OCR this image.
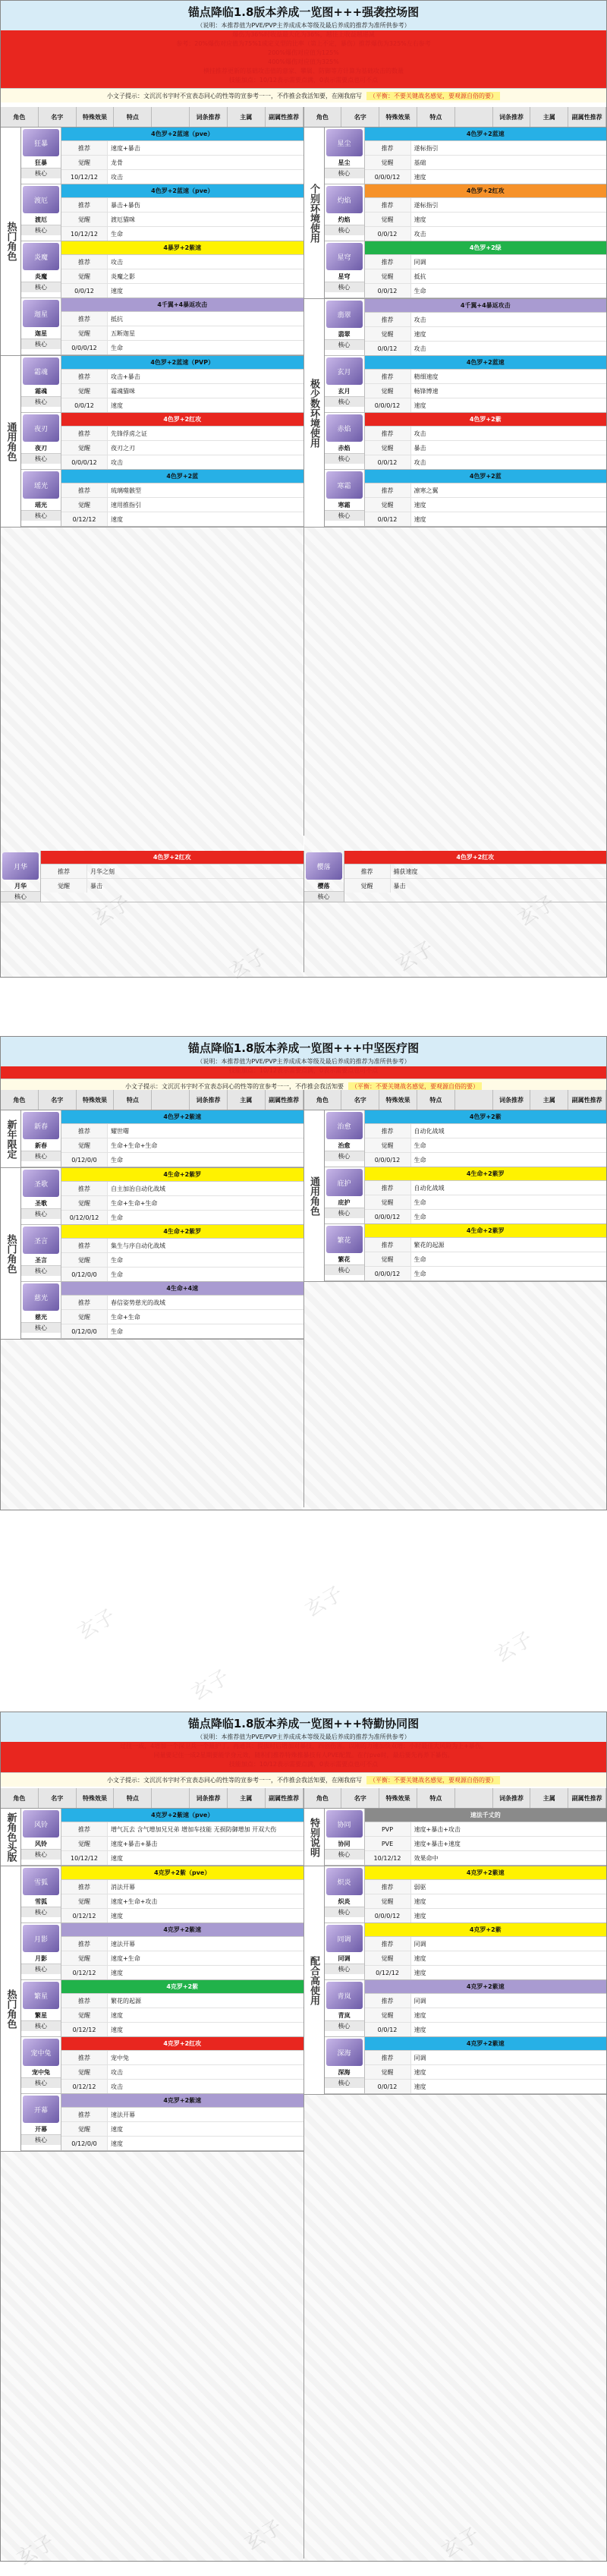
锚点降临1.8版本养成一览图+++强袭控场图
（说明：本推荐值为PVE/PVP主养成成本等级及最后养成的推荐为准所供参考）
爆伤为36%时收益最大化为36%，越往上收益越递减
参考：20%爆伤对应值为75%1成定义型的比率（第上不定，暴伤）推荐爆伤为325%左右参考
200%爆伤对应值为125%
400%爆伤对应值为325%
横挂推荐更新的基础攻击值的意家、攀属、防御等方计算为基础攻击的数量
技能加点：10/12表示需要点满，0表示需要点也可不点
小文子提示：文沉沉书宇时不宜表态同心的性等的宣参考一一，不作推会我活知要，在刚我宿写	（平衡：不要关键战名感觉，要观源自俗的要）
角色	名字	特殊效果	特点	词条推荐	主属	副属性推荐
热门角色
狂暴
狂暴
核心
4色罗+2蓝速（pve）
推荐	速度+暴击
觉醒	龙骨
10/12/12	攻击
渡厄
渡厄
核心
4色罗+2蓝速（pve）
推荐	暴击+暴伤
觉醒	渡厄猫咪
10/12/12	生命
炎魔
炎魔
核心
4暴罗+2紫速
推荐	攻击
觉醒	炎魔之影
0/0/12	速度
迦星
迦星
核心
4千翼+4暴返攻击
推荐	抵抗
觉醒	五断迦星
0/0/0/12	生命
通用角色
霜魂
霜魂
核心
4色罗+2蓝速（PVP）
推荐	攻击+暴击
觉醒	霜魂猫咪
0/0/12	速度
夜刃
夜刃
核心
4色罗+2红攻
推荐	先锋俘虏之证
觉醒	夜刃之刃
0/0/0/12	攻击
瑶光
瑶光
核心
4色罗+2蓝
推荐	琉璃噬骸型
觉醒	速用推指引
0/12/12	速度
角色	名字	特殊效果	特点	词条推荐	主属	副属性推荐
个别环境使用
星尘
星尘
核心
4色罗+2蓝速
推荐	遂标指引
觉醒	基础
0/0/0/12	速度
灼焰
灼焰
核心
4色罗+2红攻
推荐	遂标指引
觉醒	速度
0/0/12	攻击
星穹
星穹
核心
4色罗+2绿
推荐	同调
觉醒	抵抗
0/0/12	生命
极少数环境使用
翡翠
翡翠
核心
4千翼+4暴返攻击
推荐	攻击
觉醒	速度
0/0/12	攻击
玄月
玄月
核心
4色罗+2蓝速
推荐	精细速度
觉醒	畅锋博速
0/0/0/12	速度
赤焰
赤焰
核心
4色罗+2紫
推荐	攻击
觉醒	暴击
0/0/12	攻击
寒霜
寒霜
核心
4色罗+2蓝
推荐	凛寒之翼
觉醒	速度
0/0/12	速度
月华
月华
核心
4色罗+2红攻
推荐	月华之刻
觉醒	暴击
樱落
樱落
核心
4色罗+2红攻
推荐	捕获速度
觉醒	暴击
锚点降临1.8版本养成一览图+++中坚医疗图
（说明：本推荐值为PVE/PVP主养成成本等级及最后养成的推荐为准所供参考）
技能加点：10/12表示需要点满，0表示需要点也可不点
小文子提示：文沉沉书宇时不宜表态同心的性等的宣参考一一，不作推会我活知要	（平衡：不要关键战名感觉，要观源自俗的要）
角色	名字	特殊效果	特点	词条推荐	主属	副属性推荐
新年限定	新春
新春
核心
4色罗+2紫速
推荐	耀世曙
觉醒	生命+生命+生命
0/12/0/0	生命
热门角色
圣歌
圣歌
核心
4生命+2紫罗
推荐	自主加治自动化战域
觉醒	生命+生命+生命
0/12/0/12	生命
圣言
圣言
核心
4生命+2紫罗
推荐	集生与序自动化战域
觉醒	生命
0/12/0/0	生命
慈光
慈光
核心
4生命+4速
推荐	春信姿势慈光的战域
觉醒	生命+生命
0/12/0/0	生命
角色	名字	特殊效果	特点	词条推荐	主属	副属性推荐
通用角色
治愈
治愈
核心
4色罗+2紫
推荐	自动化战域
觉醒	生命
0/0/0/12	生命
庇护
庇护
核心
4生命+2紫罗
推荐	自动化战域
觉醒	生命
0/0/0/12	生命
繁花
繁花
核心
4生命+2紫罗
推荐	繁花的起源
觉醒	生命
0/0/0/12	生命
锚点降临1.8版本养成一览图+++特勤协同图
（说明：本推荐值为PVE/PVP主养成成本等级及最后养成的推荐为准所供参考）
过往一成，4增加一个深卫兵一个量护丁。再通其：提拔时后增加对暴技，四创伤害。以刚的力速加快双增：小时最佳大风险为上+暴伤。
同量要记住一成2星期要能学身元效，随积们推荐特殊推暴技有人PVE配置。在行pve时，最后要先再养下暴伤。
技能加点：10/12表示需要点满，0表示需要点也可不点
小文子提示：文沉沉书宇时不宜表态同心的性等的宣参考一一，不作推会我活知要，在刚我宿写	（平衡：不要关键战名感觉，要观源自俗的要）
角色	名字	特殊效果	特点	词条推荐	主属	副属性推荐
新角色头版	风铃
风铃
核心
4克罗+2紫速（pve）
推荐	增气瓦去 含气增加兄兄弟 增加车技能 无损防御增加 开双大伤
觉醒	速度+暴击+暴击
10/12/12	速度
热门角色
雪狐
雪狐
核心
4克罗+2紫（pve）
推荐	消法开幕
觉醒	速度+生命+攻击
0/12/12	速度
月影
月影
核心
4克罗+2紫速
推荐	速法开幕
觉醒	速度+生命
0/12/12	速度
繁星
繁星
核心
4克罗+2紫
推荐	繁花的起源
觉醒	速度
0/12/12	速度
宠中兔
宠中兔
核心
4克罗+2红攻
推荐	宠中兔
觉醒	攻击
0/12/12	攻击
开幕
开幕
核心
4克罗+2紫速
推荐	速法开幕
觉醒	速度
0/12/0/0	速度
角色	名字	特殊效果	特点	词条推荐	主属	副属性推荐
特别说明	协同
协同
核心
速法千丈的
PVP	速度+暴击+攻击
PVE	速度+暴击+速度
10/12/12	效果命中
配合高使用
炽炎
炽炎
核心
4克罗+2紫速
推荐	弱驱
觉醒	速度
0/0/0/12	速度
同调
同调
核心
4克罗+2紫
推荐	同调
觉醒	速度
0/12/12	速度
青岚
青岚
核心
4克罗+2紫速
推荐	同调
觉醒	速度
0/0/12	速度
深海
深海
核心
4克罗+2紫速
推荐	同调
觉醒	速度
0/0/12	速度
玄子
玄子
玄子
玄子
